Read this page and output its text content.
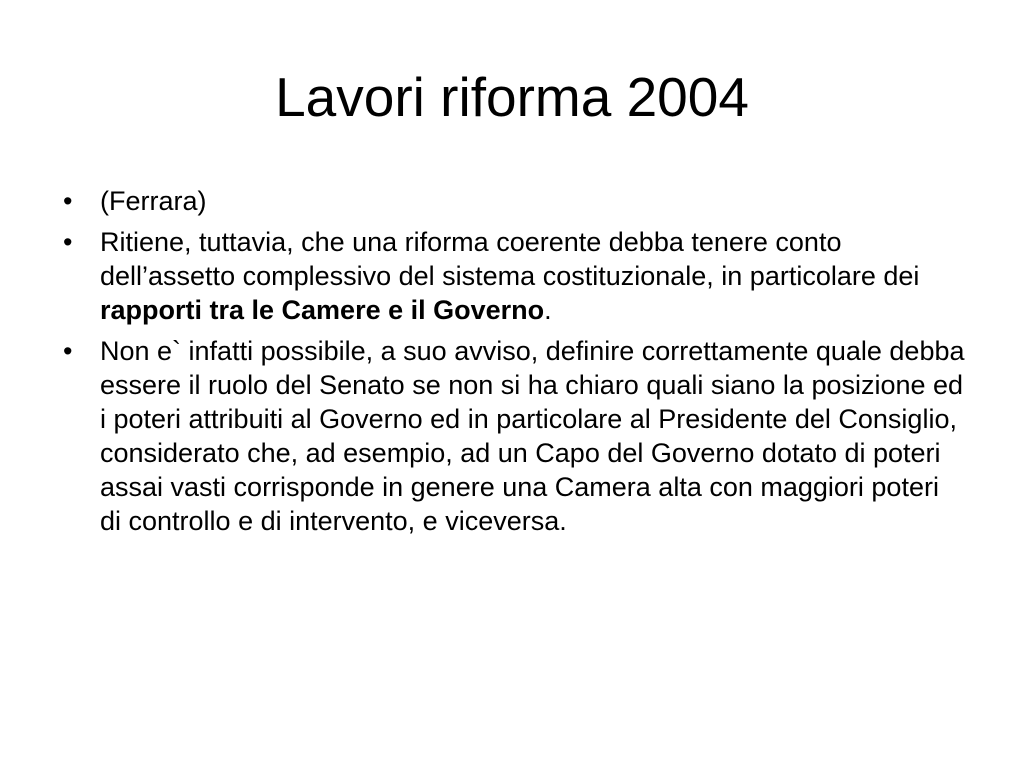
Lavori riforma 2004
• (Ferrara)
• Ritiene, tuttavia, che una riforma coerente debba tenere conto dell’assetto complessivo del sistema costituzionale, in particolare dei rapporti tra le Camere e il Governo.
• Non e` infatti possibile, a suo avviso, definire correttamente quale debba essere il ruolo del Senato se non si ha chiaro quali siano la posizione ed i poteri attribuiti al Governo ed in particolare al Presidente del Consiglio, considerato che, ad esempio, ad un Capo del Governo dotato di poteri assai vasti corrisponde in genere una Camera alta con maggiori poteri di controllo e di intervento, e viceversa.
